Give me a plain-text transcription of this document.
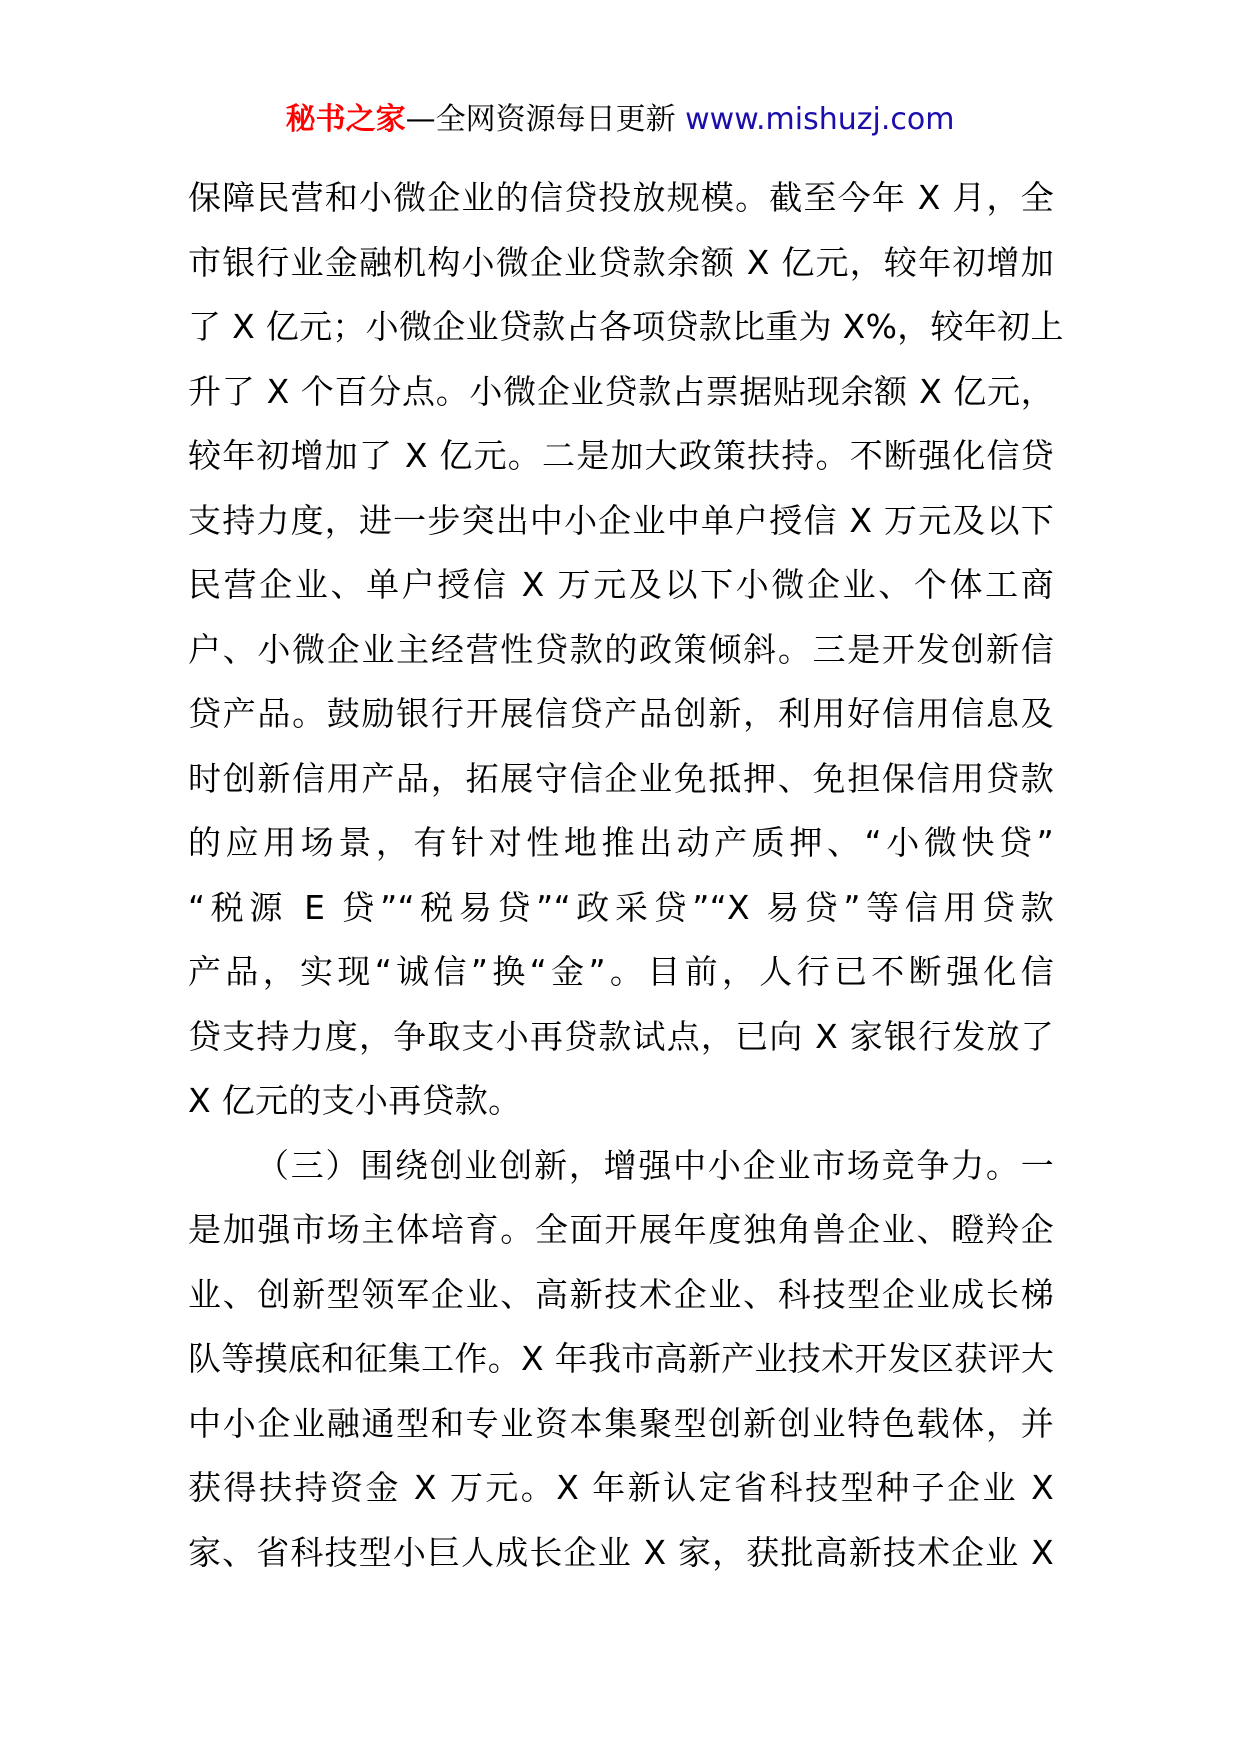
秘书之家—全网资源每日更新 www.mishuzj.com
保障民营和小微企业的信贷投放规模。截至今年 X 月，全
市银行业金融机构小微企业贷款余额 X 亿元，较年初增加
了 X 亿元；小微企业贷款占各项贷款比重为 X%，较年初上
升了 X 个百分点。小微企业贷款占票据贴现余额 X 亿元，
较年初增加了 X 亿元。二是加大政策扶持。不断强化信贷
支持力度，进一步突出中小企业中单户授信 X 万元及以下
民营企业、单户授信 X 万元及以下小微企业、个体工商
户、小微企业主经营性贷款的政策倾斜。三是开发创新信
贷产品。鼓励银行开展信贷产品创新，利用好信用信息及
时创新信用产品，拓展守信企业免抵押、免担保信用贷款
的应用场景，有针对性地推出动产质押、“小微快贷”
“税源 E 贷”“税易贷”“政采贷”“X 易贷”等信用贷款
产品，实现“诚信”换“金”。目前，人行已不断强化信
贷支持力度，争取支小再贷款试点，已向 X 家银行发放了
X 亿元的支小再贷款。
（三）围绕创业创新，增强中小企业市场竞争力。一
是加强市场主体培育。全面开展年度独角兽企业、瞪羚企
业、创新型领军企业、高新技术企业、科技型企业成长梯
队等摸底和征集工作。X 年我市高新产业技术开发区获评大
中小企业融通型和专业资本集聚型创新创业特色载体，并
获得扶持资金 X 万元。X 年新认定省科技型种子企业 X
家、省科技型小巨人成长企业 X 家，获批高新技术企业 X
